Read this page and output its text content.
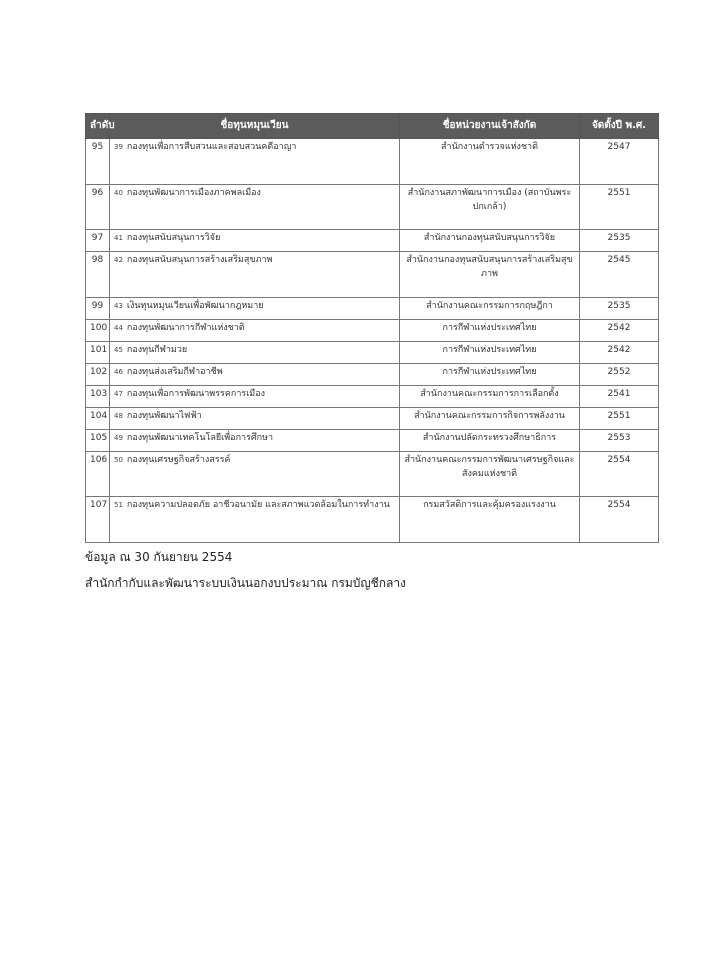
ลำดับ	ชื่อทุนหมุนเวียน	ชื่อหน่วยงานเจ้าสังกัด	จัดตั้งปี พ.ศ.
95	39 กองทุนเพื่อการสืบสวนและสอบสวนคดีอาญา	สำนักงานตำรวจแห่งชาติ	2547
96	40 กองทุนพัฒนาการเมืองภาคพลเมือง	สำนักงานสภาพัฒนาการเมือง (สถาบันพระปกเกล้า)	2551
97	41 กองทุนสนับสนุนการวิจัย	สำนักงานกองทุนสนับสนุนการวิจัย	2535
98	42 กองทุนสนับสนุนการสร้างเสริมสุขภาพ	สำนักงานกองทุนสนับสนุนการสร้างเสริมสุขภาพ	2545
99	43 เงินทุนหมุนเวียนเพื่อพัฒนากฎหมาย	สำนักงานคณะกรรมการกฤษฎีกา	2535
100	44 กองทุนพัฒนาการกีฬาแห่งชาติ	การกีฬาแห่งประเทศไทย	2542
101	45 กองทุนกีฬามวย	การกีฬาแห่งประเทศไทย	2542
102	46 กองทุนส่งเสริมกีฬาอาชีพ	การกีฬาแห่งประเทศไทย	2552
103	47 กองทุนเพื่อการพัฒนาพรรคการเมือง	สำนักงานคณะกรรมการการเลือกตั้ง	2541
104	48 กองทุนพัฒนาไฟฟ้า	สำนักงานคณะกรรมการกิจการพลังงาน	2551
105	49 กองทุนพัฒนาเทคโนโลยีเพื่อการศึกษา	สำนักงานปลัดกระทรวงศึกษาธิการ	2553
106	50 กองทุนเศรษฐกิจสร้างสรรค์	สำนักงานคณะกรรมการพัฒนาเศรษฐกิจและสังคมแห่งชาติ	2554
107	51 กองทุนความปลอดภัย อาชีวอนามัย และสภาพแวดล้อมในการทำงาน	กรมสวัสดิการและคุ้มครองแรงงาน	2554
ข้อมูล ณ 30 กันยายน 2554
สำนักกำกับและพัฒนาระบบเงินนอกงบประมาณ กรมบัญชีกลาง
